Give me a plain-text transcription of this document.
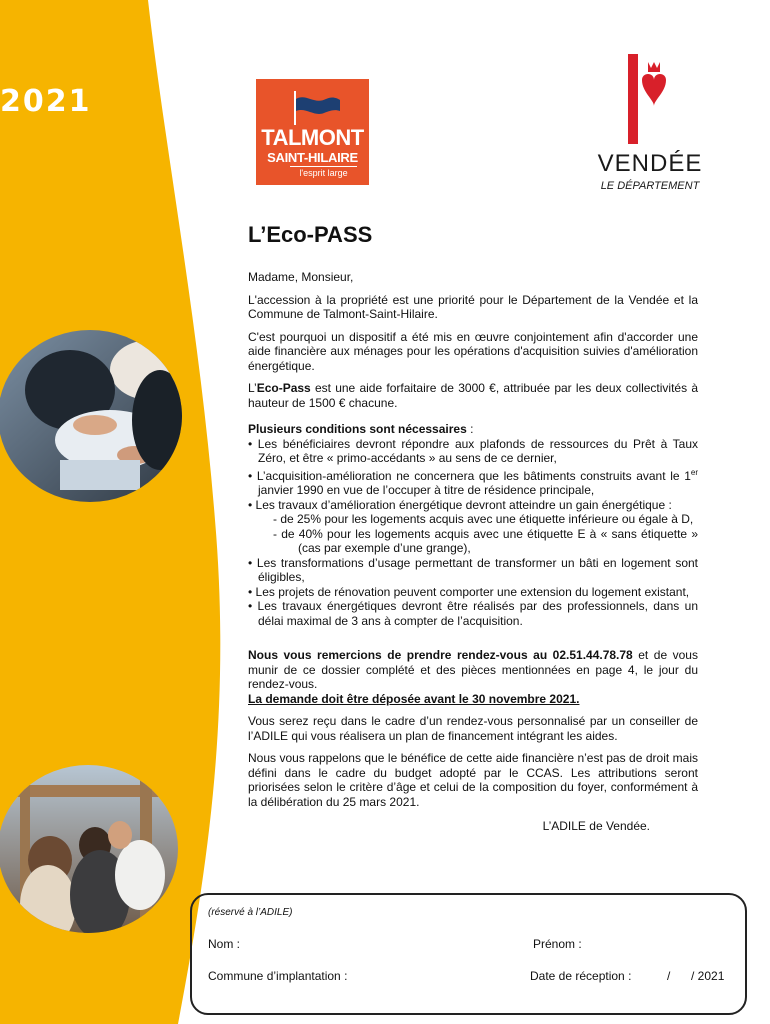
2021
TALMONT
SAINT-HILAIRE
l'esprit large	VENDÉE
LE DÉPARTEMENT
L’Eco-PASS
Madame, Monsieur,
L'accession à la propriété est une priorité pour le Département de la Vendée et la Commune de Talmont-Saint-Hilaire.
C'est pourquoi un dispositif a été mis en œuvre conjointement afin d'accorder une aide financière aux ménages pour les opérations d'acquisition suivies d'amélioration énergétique.
L’Eco-Pass est une aide forfaitaire de 3000 €, attribuée par les deux collectivités à hauteur de 1500 € chacune.
Plusieurs conditions sont nécessaires :
• Les bénéficiaires devront répondre aux plafonds de ressources du Prêt à Taux Zéro, et être « primo-accédants » au sens de ce dernier,
• L’acquisition-amélioration ne concernera que les bâtiments construits avant le 1er janvier 1990 en vue de l’occuper à titre de résidence principale,
• Les travaux d’amélioration énergétique devront atteindre un gain énergétique :
- de 25% pour les logements acquis avec une étiquette inférieure ou égale à D,
- de 40% pour les logements acquis avec une étiquette E à « sans étiquette » (cas par exemple d’une grange),
• Les transformations d’usage permettant de transformer un bâti en logement sont éligibles,
• Les projets de rénovation peuvent comporter une extension du logement existant,
• Les travaux énergétiques devront être réalisés par des professionnels, dans un délai maximal de 3 ans à compter de l’acquisition.
Nous vous remercions de prendre rendez-vous au 02.51.44.78.78 et de vous munir de ce dossier complété et des pièces mentionnées en page 4, le jour du rendez-vous.
La demande doit être déposée avant le 30 novembre 2021.
Vous serez reçu dans le cadre d’un rendez-vous personnalisé par un conseiller de l’ADILE qui vous réalisera un plan de financement intégrant les aides.
Nous vous rappelons que le bénéfice de cette aide financière n’est pas de droit mais défini dans le cadre du budget adopté par le CCAS. Les attributions seront priorisées selon le critère d’âge et celui de la composition du foyer, conformément à la délibération du 25 mars 2021.
L’ADILE de Vendée.
(réservé à l’ADILE)
Nom :	Prénom :
Commune d’implantation :	Date de réception :	/ / 2021
